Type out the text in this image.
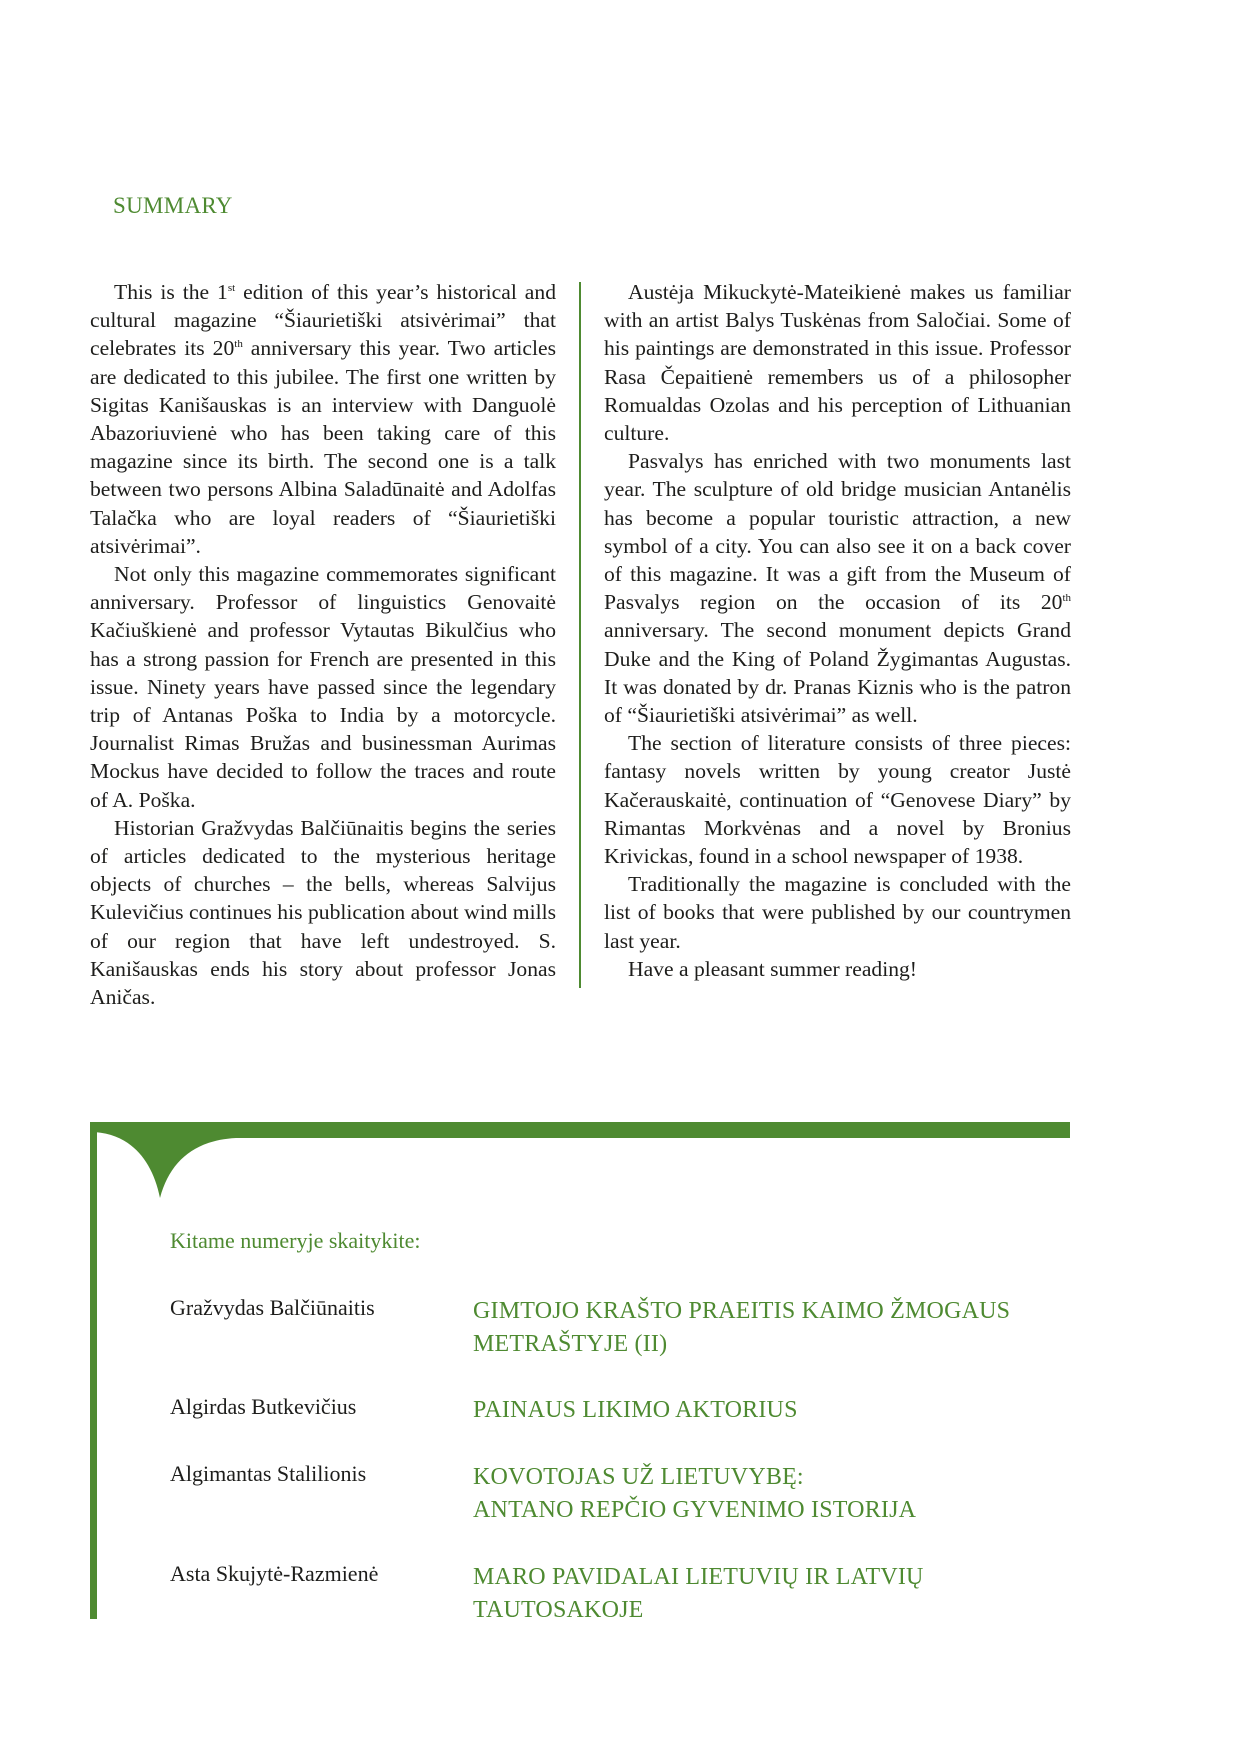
SUMMARY

This is the 1st edition of this year’s historical and cultural magazine “Šiaurietiški atsivėrimai” that celebrates its 20th anniversary this year. Two articles are dedicated to this jubilee. The first one written by Sigitas Kanišauskas is an interview with Danguolė Abazoriuvienė who has been taking care of this magazine since its birth. The second one is a talk between two persons Albina Saladūnaitė and Adolfas Talačka who are loyal readers of “Šiaurietiški atsivėrimai”.

Not only this magazine commemorates significant anniversary. Professor of linguistics Genovaitė Kačiuškienė and professor Vytautas Bikulčius who has a strong passion for French are presented in this issue. Ninety years have passed since the legendary trip of Antanas Poška to India by a motorcycle. Journalist Rimas Bružas and businessman Aurimas Mockus have decided to follow the traces and route of A. Poška.

Historian Gražvydas Balčiūnaitis begins the series of articles dedicated to the mysterious heritage objects of churches – the bells, whereas Salvijus Kulevičius continues his publication about wind mills of our region that have left undestroyed. S. Kanišauskas ends his story about professor Jonas Aničas.

Austėja Mikuckytė-Mateikienė makes us familiar with an artist Balys Tuskėnas from Saločiai. Some of his paintings are demonstrated in this issue. Professor Rasa Čepaitienė remembers us of a philosopher Romualdas Ozolas and his perception of Lithuanian culture.

Pasvalys has enriched with two monuments last year. The sculpture of old bridge musician Antanėlis has become a popular touristic attraction, a new symbol of a city. You can also see it on a back cover of this magazine. It was a gift from the Museum of Pasvalys region on the occasion of its 20th anniversary. The second monument depicts Grand Duke and the King of Poland Žygimantas Augustas. It was donated by dr. Pranas Kiznis who is the patron of “Šiaurietiški atsivėrimai” as well.

The section of literature consists of three pieces: fantasy novels written by young creator Justė Kačerauskaitė, continuation of “Genovese Diary” by Rimantas Morkvėnas and a novel by Bronius Krivickas, found in a school newspaper of 1938.

Traditionally the magazine is concluded with the list of books that were published by our countrymen last year.

Have a pleasant summer reading!

Kitame numeryje skaitykite:
Gražvydas Balčiūnaitis	GIMTOJO KRAŠTO PRAEITIS KAIMO ŽMOGAUS
METRAŠTYJE (II)
Algirdas Butkevičius	PAINAUS LIKIMO AKTORIUS
Algimantas Stalilionis	KOVOTOJAS UŽ LIETUVYBĘ:
ANTANO REPČIO GYVENIMO ISTORIJA
Asta Skujytė-Razmienė	MARO PAVIDALAI LIETUVIŲ IR LATVIŲ
TAUTOSAKOJE
